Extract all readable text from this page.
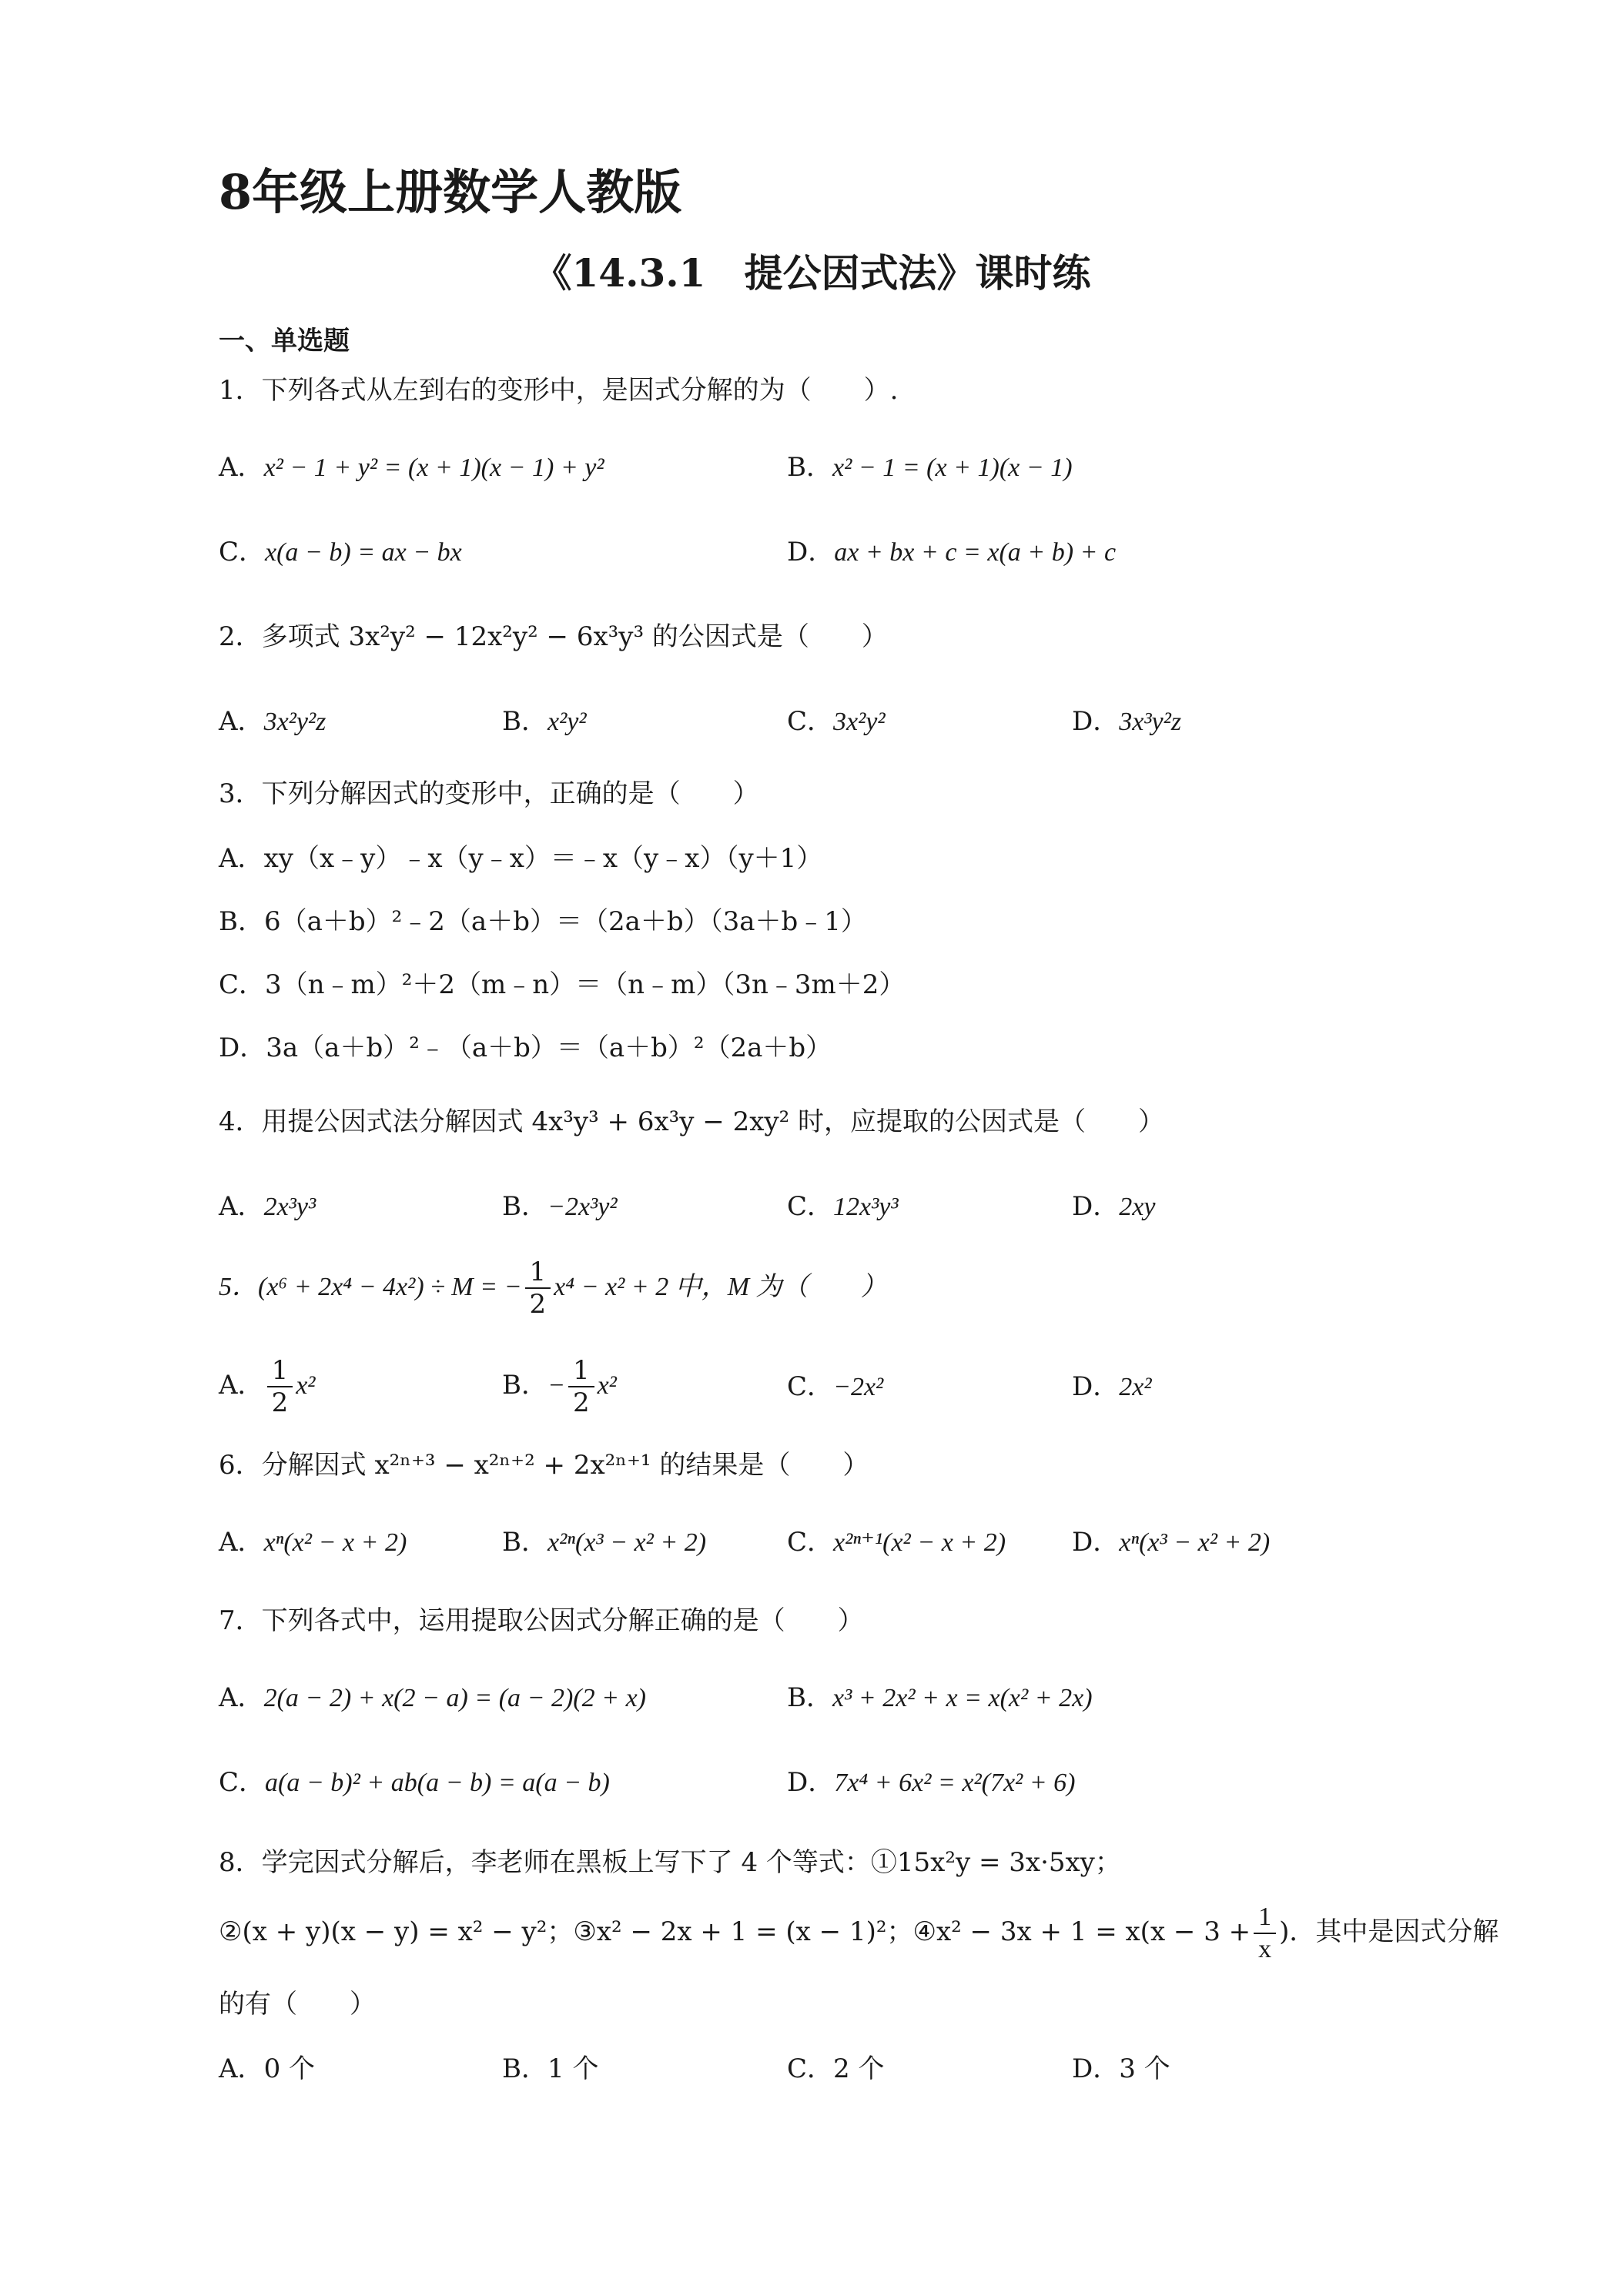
8年级上册数学人教版
《14.3.1　提公因式法》课时练
一、单选题
1．下列各式从左到右的变形中，是因式分解的为（　　）.
A．x² − 1 + y² = (x + 1)(x − 1) + y²	B．x² − 1 = (x + 1)(x − 1)
C．x(a − b) = ax − bx	D．ax + bx + c = x(a + b) + c
2．多项式 3x²y² − 12x²y² − 6x³y³ 的公因式是（　　）
A．3x²y²z	B．x²y²	C．3x²y²	D．3x³y²z
3．下列分解因式的变形中，正确的是（　　）
A．xy（x﹣y）﹣x（y﹣x）＝﹣x（y﹣x）（y＋1）
B．6（a＋b）²﹣2（a＋b）＝（2a＋b）（3a＋b﹣1）
C．3（n﹣m）²＋2（m﹣n）＝（n﹣m）（3n﹣3m＋2）
D．3a（a＋b）²﹣（a＋b）＝（a＋b）²（2a＋b）
4．用提公因式法分解因式 4x³y³ + 6x³y − 2xy² 时，应提取的公因式是（　　）
A．2x³y³	B．−2x³y²	C．12x³y³	D．2xy
5．(x⁶ + 2x⁴ − 4x²) ÷ M = − $\frac{1}{2} x^4 - x^2 + 2$ 中，M 为（　　）
A． $\frac{1}{2} x^2$	B．− $\frac{1}{2} x^2$	C．−2x²	D．2x²
6．分解因式 x²ⁿ⁺³ − x²ⁿ⁺² + 2x²ⁿ⁺¹ 的结果是（　　）
A．xⁿ(x² − x + 2)	B．x²ⁿ(x³ − x² + 2)	C．x²ⁿ⁺¹(x² − x + 2)	D．xⁿ(x³ − x² + 2)
7．下列各式中，运用提取公因式分解正确的是（　　）
A．2(a − 2) + x(2 − a) = (a − 2)(2 + x)	B．x³ + 2x² + x = x(x² + 2x)
C．a(a − b)² + ab(a − b) = a(a − b)	D．7x⁴ + 6x² = x²(7x² + 6)
8．学完因式分解后，李老师在黑板上写下了 4 个等式：①15x²y = 3x·5xy；
②(x + y)(x − y) = x² − y²；③x² − 2x + 1 = (x − 1)²；④x² − $3x + 1 = x(x - 3 + \frac{1}{x}$ )．其中是因式分解
的有（　　）
A．0 个	B．1 个	C．2 个	D．3 个
